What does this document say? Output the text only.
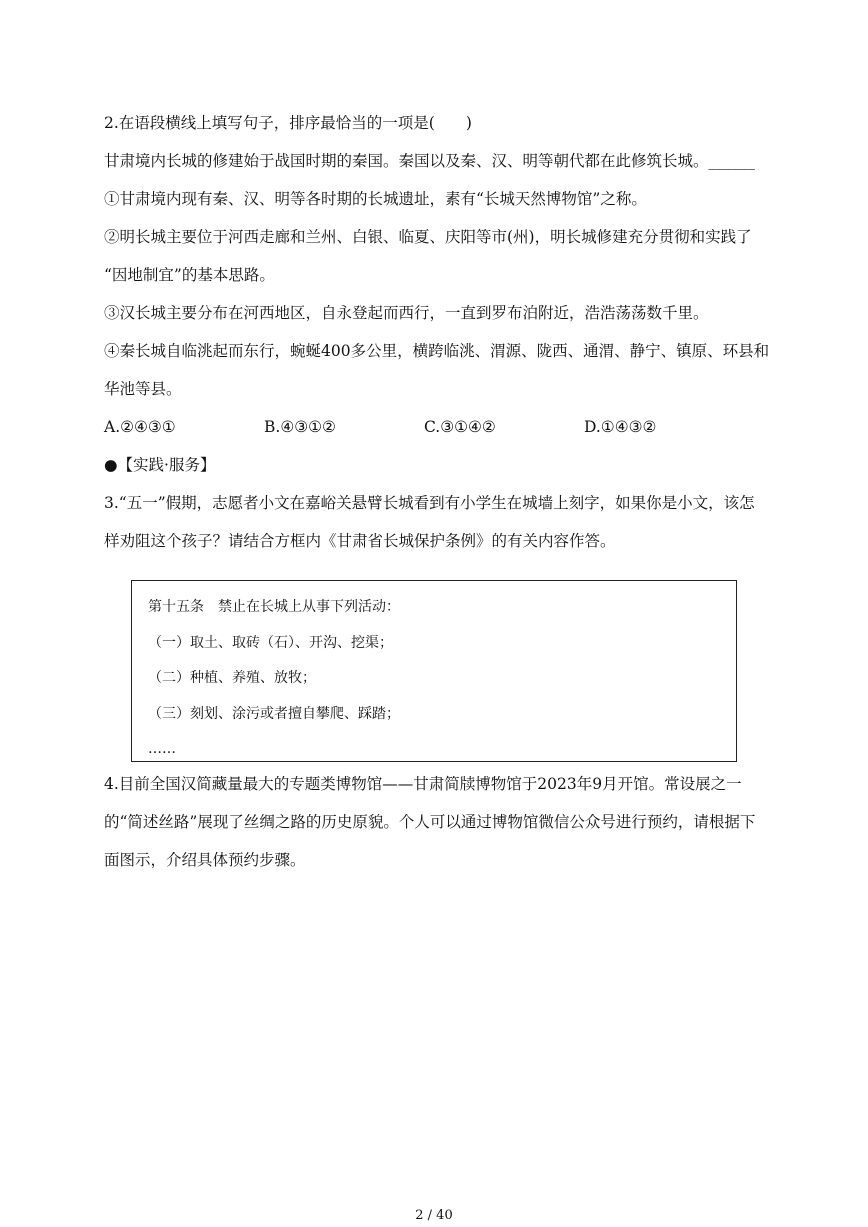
2.在语段横线上填写句子，排序最恰当的一项是(　　)
甘肃境内长城的修建始于战国时期的秦国。秦国以及秦、汉、明等朝代都在此修筑长城。______
①甘肃境内现有秦、汉、明等各时期的长城遗址，素有“长城天然博物馆”之称。
②明长城主要位于河西走廊和兰州、白银、临夏、庆阳等市(州)，明长城修建充分贯彻和实践了
“因地制宜”的基本思路。
③汉长城主要分布在河西地区，自永登起而西行，一直到罗布泊附近，浩浩荡荡数千里。
④秦长城自临洮起而东行，蜿蜒400多公里，横跨临洮、渭源、陇西、通渭、静宁、镇原、环县和
华池等县。
A.②④③①	B.④③①②	C.③①④②	D.①④③②
●【实践·服务】
3.“五一”假期，志愿者小文在嘉峪关悬臂长城看到有小学生在城墙上刻字，如果你是小文，该怎
样劝阻这个孩子？请结合方框内《甘肃省长城保护条例》的有关内容作答。
第十五条　禁止在长城上从事下列活动：
（一）取土、取砖（石）、开沟、挖渠；
（二）种植、养殖、放牧；
（三）刻划、涂污或者擅自攀爬、踩踏；
……
4.目前全国汉简藏量最大的专题类博物馆——甘肃简牍博物馆于2023年9月开馆。常设展之一
的“简述丝路”展现了丝绸之路的历史原貌。个人可以通过博物馆微信公众号进行预约，请根据下
面图示，介绍具体预约步骤。
2 / 40
